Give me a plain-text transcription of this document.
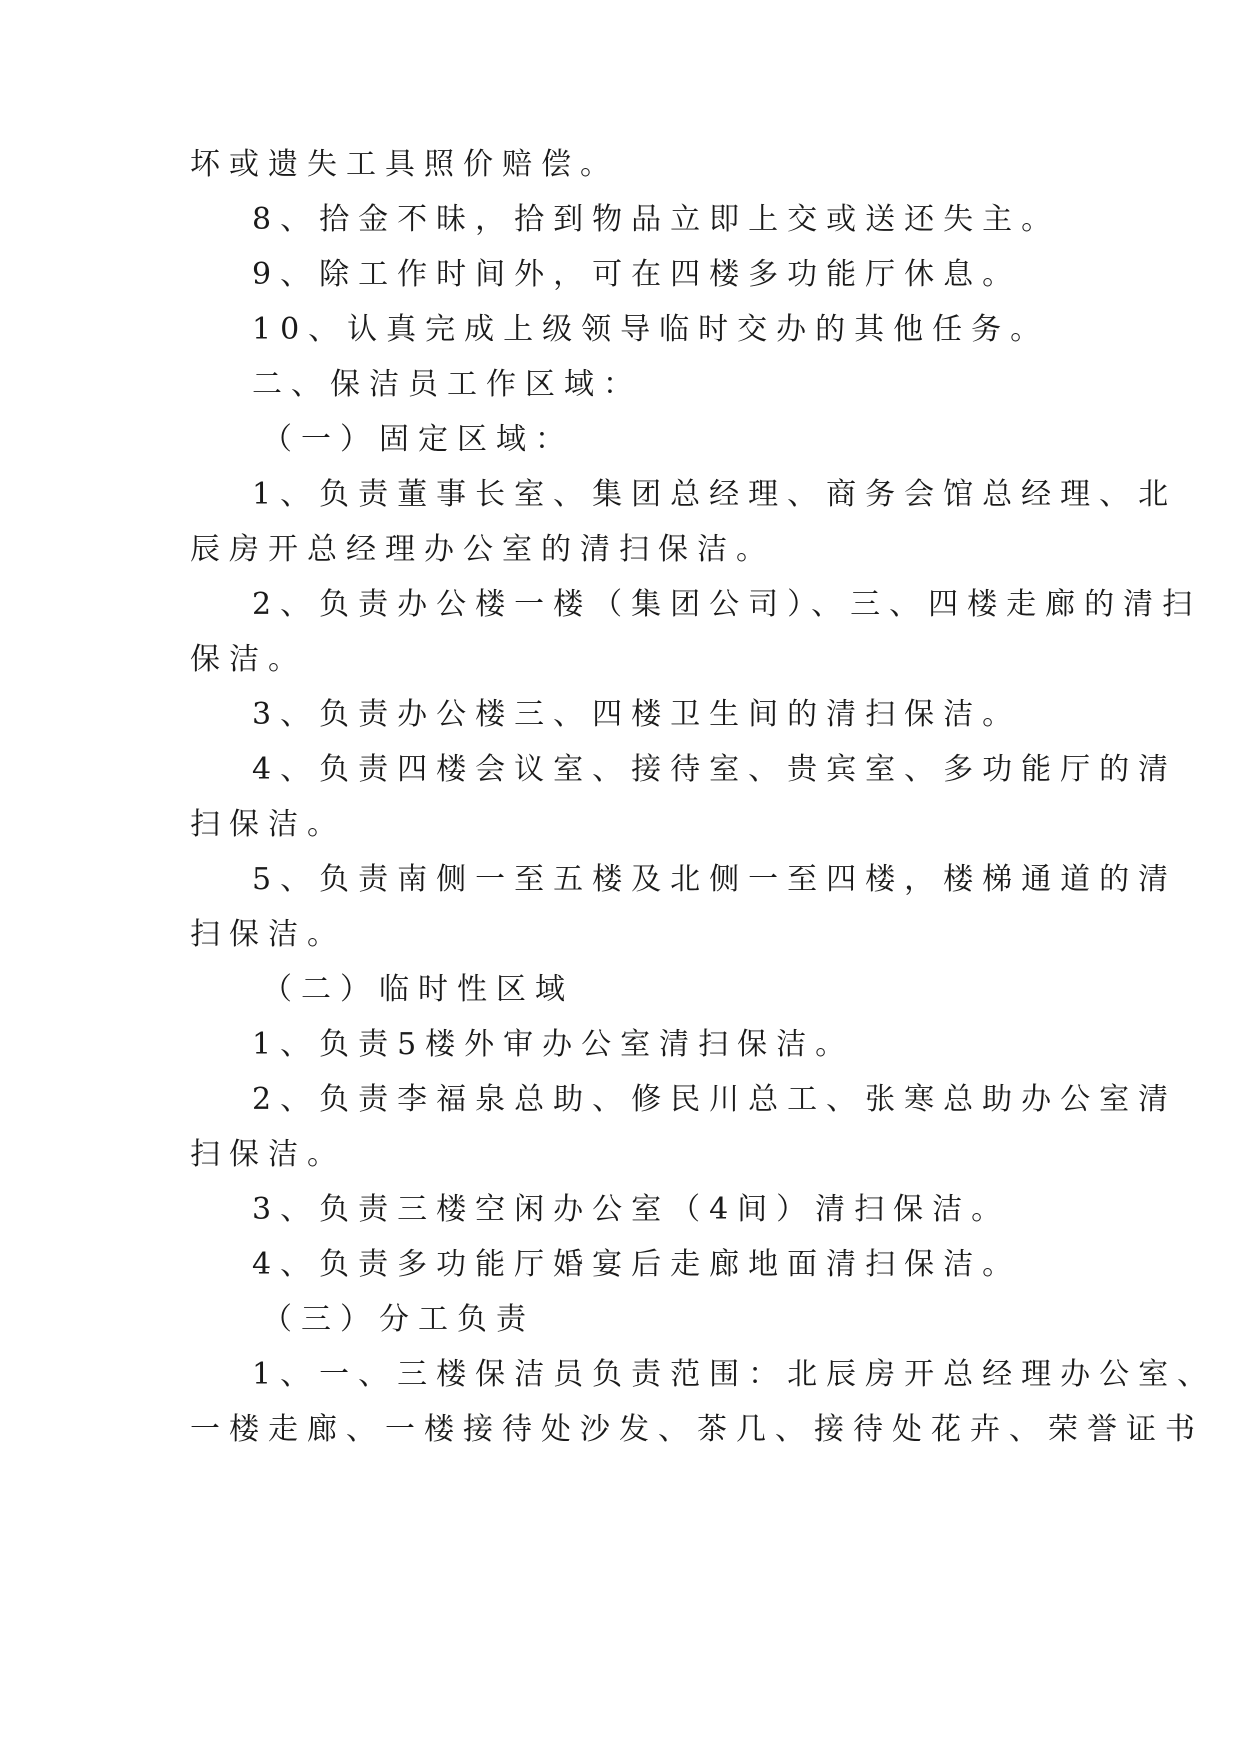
坏或遗失工具照价赔偿。
8、拾金不昧，拾到物品立即上交或送还失主。
9、除工作时间外，可在四楼多功能厅休息。
10、认真完成上级领导临时交办的其他任务。
二、保洁员工作区域：
（一）固定区域：
1、负责董事长室、集团总经理、商务会馆总经理、北
辰房开总经理办公室的清扫保洁。
2、负责办公楼一楼（集团公司）、三、四楼走廊的清扫
保洁。
3、负责办公楼三、四楼卫生间的清扫保洁。
4、负责四楼会议室、接待室、贵宾室、多功能厅的清
扫保洁。
5、负责南侧一至五楼及北侧一至四楼，楼梯通道的清
扫保洁。
（二）临时性区域
1、负责5楼外审办公室清扫保洁。
2、负责李福泉总助、修民川总工、张寒总助办公室清
扫保洁。
3、负责三楼空闲办公室（4间）清扫保洁。
4、负责多功能厅婚宴后走廊地面清扫保洁。
（三）分工负责
1、一、三楼保洁员负责范围：北辰房开总经理办公室、
一楼走廊、一楼接待处沙发、茶几、接待处花卉、荣誉证书
